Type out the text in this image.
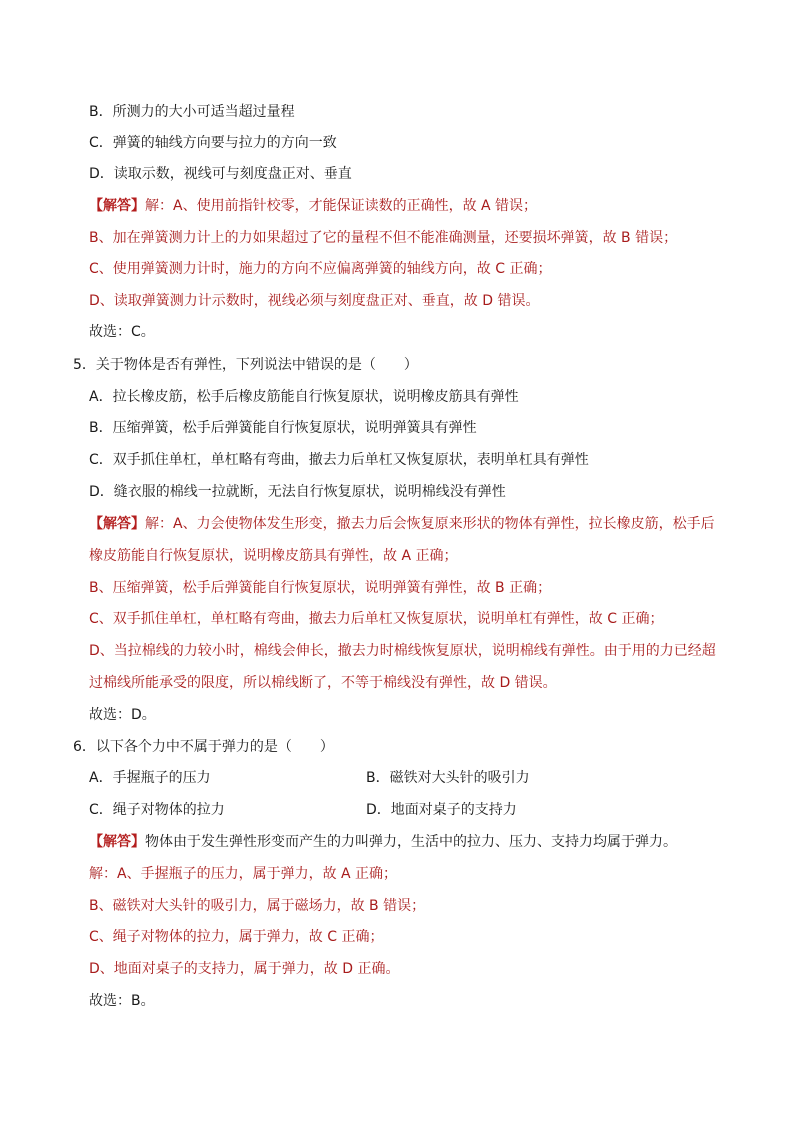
B．所测力的大小可适当超过量程
C．弹簧的轴线方向要与拉力的方向一致
D．读取示数，视线可与刻度盘正对、垂直
【解答】解：A、使用前指针校零，才能保证读数的正确性，故 A 错误；
B、加在弹簧测力计上的力如果超过了它的量程不但不能准确测量，还要损坏弹簧，故 B 错误；
C、使用弹簧测力计时，施力的方向不应偏离弹簧的轴线方向，故 C 正确；
D、读取弹簧测力计示数时，视线必须与刻度盘正对、垂直，故 D 错误。
故选：C。
5．关于物体是否有弹性，下列说法中错误的是（　　）
A．拉长橡皮筋，松手后橡皮筋能自行恢复原状，说明橡皮筋具有弹性
B．压缩弹簧，松手后弹簧能自行恢复原状，说明弹簧具有弹性
C．双手抓住单杠，单杠略有弯曲，撤去力后单杠又恢复原状，表明单杠具有弹性
D．缝衣服的棉线一拉就断，无法自行恢复原状，说明棉线没有弹性
【解答】解：A、力会使物体发生形变，撤去力后会恢复原来形状的物体有弹性，拉长橡皮筋，松手后
橡皮筋能自行恢复原状，说明橡皮筋具有弹性，故 A 正确；
B、压缩弹簧，松手后弹簧能自行恢复原状，说明弹簧有弹性，故 B 正确；
C、双手抓住单杠，单杠略有弯曲，撤去力后单杠又恢复原状，说明单杠有弹性，故 C 正确；
D、当拉棉线的力较小时，棉线会伸长，撤去力时棉线恢复原状，说明棉线有弹性。由于用的力已经超
过棉线所能承受的限度，所以棉线断了，不等于棉线没有弹性，故 D 错误。
故选：D。
6．以下各个力中不属于弹力的是（　　）
A．手握瓶子的压力	B．磁铁对大头针的吸引力
C．绳子对物体的拉力	D．地面对桌子的支持力
【解答】物体由于发生弹性形变而产生的力叫弹力，生活中的拉力、压力、支持力均属于弹力。
解：A、手握瓶子的压力，属于弹力，故 A 正确；
B、磁铁对大头针的吸引力，属于磁场力，故 B 错误；
C、绳子对物体的拉力，属于弹力，故 C 正确；
D、地面对桌子的支持力，属于弹力，故 D 正确。
故选：B。
